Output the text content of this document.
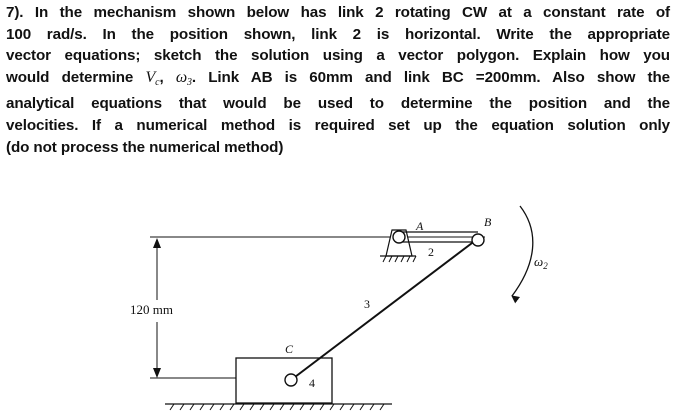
7). In the mechanism shown below has link 2 rotating CW at a constant rate of
100 rad/s. In the position shown, link 2 is horizontal. Write the appropriate
vector equations; sketch the solution using a vector polygon. Explain how you
would determine $V_c$, $\omega_3$. Link AB is 60mm and link BC =200mm. Also show the
analytical equations that would be used to determine the position and the
velocities. If a numerical method is required set up the equation solution only
(do not process the numerical method)
120 mm
A	B
C
2
3
4
$\omega_2$
